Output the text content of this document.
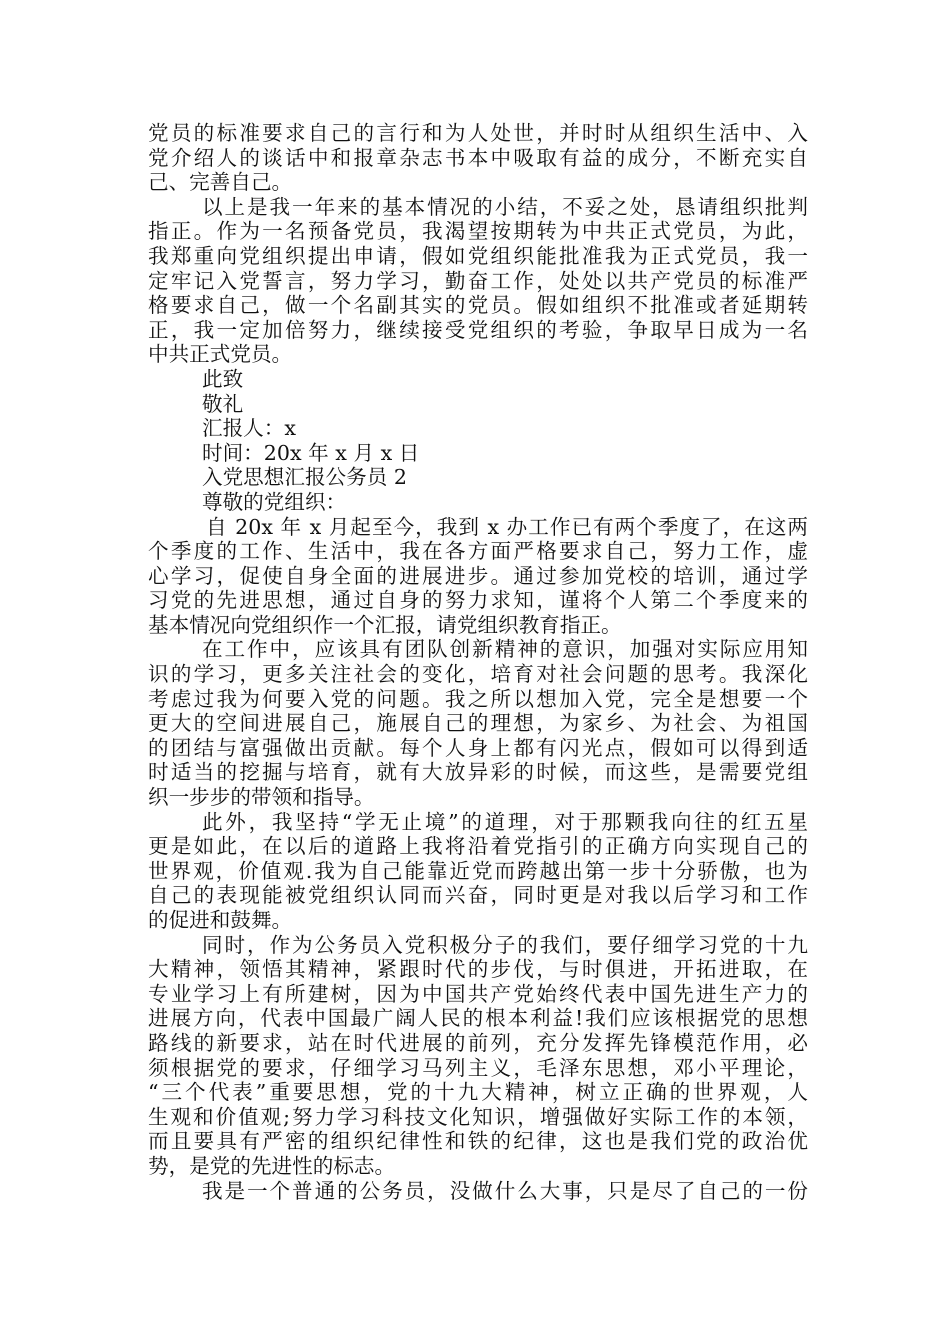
党员的标准要求自己的言行和为人处世，并时时从组织生活中、入
党介绍人的谈话中和报章杂志书本中吸取有益的成分，不断充实自
己、完善自己。
以上是我一年来的基本情况的小结，不妥之处，恳请组织批判
指正。作为一名预备党员，我渴望按期转为中共正式党员，为此，
我郑重向党组织提出申请，假如党组织能批准我为正式党员，我一
定牢记入党誓言，努力学习，勤奋工作，处处以共产党员的标准严
格要求自己，做一个名副其实的党员。假如组织不批准或者延期转
正，我一定加倍努力，继续接受党组织的考验，争取早日成为一名
中共正式党员。
此致
敬礼
汇报人：x
时间：20x 年 x 月 x 日
入党思想汇报公务员 2
尊敬的党组织：
自 20x 年 x 月起至今，我到 x 办工作已有两个季度了，在这两
个季度的工作、生活中，我在各方面严格要求自己，努力工作，虚
心学习，促使自身全面的进展进步。通过参加党校的培训，通过学
习党的先进思想，通过自身的努力求知，谨将个人第二个季度来的
基本情况向党组织作一个汇报，请党组织教育指正。
在工作中，应该具有团队创新精神的意识，加强对实际应用知
识的学习，更多关注社会的变化，培育对社会问题的思考。我深化
考虑过我为何要入党的问题。我之所以想加入党，完全是想要一个
更大的空间进展自己，施展自己的理想，为家乡、为社会、为祖国
的团结与富强做出贡献。每个人身上都有闪光点，假如可以得到适
时适当的挖掘与培育，就有大放异彩的时候，而这些，是需要党组
织一步步的带领和指导。
此外，我坚持“学无止境”的道理，对于那颗我向往的红五星
更是如此，在以后的道路上我将沿着党指引的正确方向实现自己的
世界观，价值观.我为自己能靠近党而跨越出第一步十分骄傲，也为
自己的表现能被党组织认同而兴奋，同时更是对我以后学习和工作
的促进和鼓舞。
同时，作为公务员入党积极分子的我们，要仔细学习党的十九
大精神，领悟其精神，紧跟时代的步伐，与时俱进，开拓进取，在
专业学习上有所建树，因为中国共产党始终代表中国先进生产力的
进展方向，代表中国最广阔人民的根本利益!我们应该根据党的思想
路线的新要求，站在时代进展的前列，充分发挥先锋模范作用，必
须根据党的要求，仔细学习马列主义，毛泽东思想，邓小平理论，
“三个代表”重要思想，党的十九大精神，树立正确的世界观，人
生观和价值观;努力学习科技文化知识，增强做好实际工作的本领，
而且要具有严密的组织纪律性和铁的纪律，这也是我们党的政治优
势，是党的先进性的标志。
我是一个普通的公务员，没做什么大事，只是尽了自己的一份
